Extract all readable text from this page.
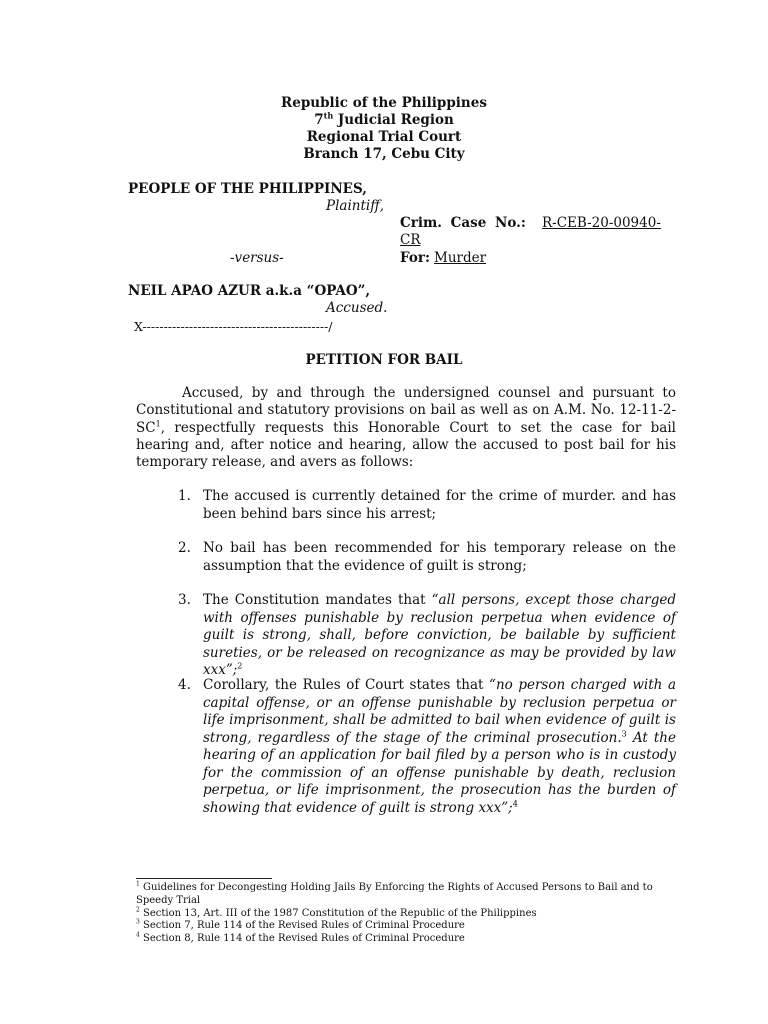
Republic of the Philippines
7th Judicial Region
Regional Trial Court
Branch 17, Cebu City
PEOPLE OF THE PHILIPPINES,
Plaintiff,
Crim. Case No.: R-CEB-20-00940-
CR
-versus-	For: Murder
NEIL APAO AZUR a.k.a “OPAO”,
Accused.
X--------------------------------------------/
PETITION FOR BAIL
Accused, by and through the undersigned counsel and pursuant to Constitutional and statutory provisions on bail as well as on A.M. No. $12-11-2-SC^1$, respectfully requests this Honorable Court to set the case for bail hearing and, after notice and hearing, allow the accused to post bail for his temporary release, and avers as follows:
1. The accused is currently detained for the crime of murder. and has been behind bars since his arrest;
2. No bail has been recommended for his temporary release on the assumption that the evidence of guilt is strong;
3. The Constitution mandates that “all persons, except those charged with offenses punishable by reclusion perpetua when evidence of guilt is strong, shall, before conviction, be bailable by sufficient sureties, or be released on recognizance as may be provided by law xxx”;$^2$
4. Corollary, the Rules of Court states that “no person charged with a capital offense, or an offense punishable by reclusion perpetua or life imprisonment, shall be admitted to bail when evidence of guilt is strong, regardless of the stage of the criminal prosecution.$^3$ At the hearing of an application for bail filed by a person who is in custody for the commission of an offense punishable by death, reclusion perpetua, or life imprisonment, the prosecution has the burden of showing that evidence of guilt is strong xxx”;$^4$
$^1$ Guidelines for Decongesting Holding Jails By Enforcing the Rights of Accused Persons to Bail and to Speedy Trial
$^2$ Section 13, Art. III of the 1987 Constitution of the Republic of the Philippines
$^3$ Section 7, Rule 114 of the Revised Rules of Criminal Procedure
$^4$ Section 8, Rule 114 of the Revised Rules of Criminal Procedure
